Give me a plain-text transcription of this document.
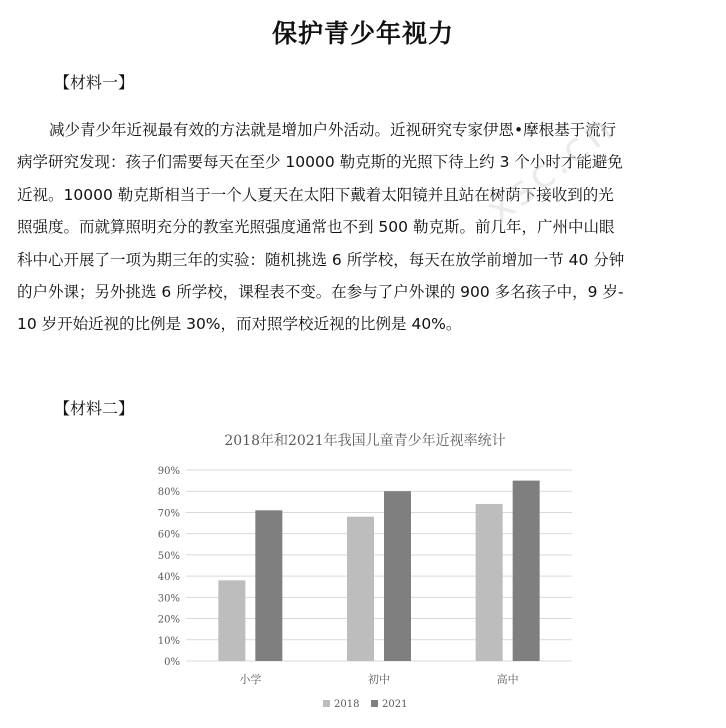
保护青少年视力
【材料一】
减少青少年近视最有效的方法就是增加户外活动。近视研究专家伊恩•摩根基于流行
病学研究发现：孩子们需要每天在至少 10000 勒克斯的光照下待上约 3 个小时才能避免
近视。10000 勒克斯相当于一个人夏天在太阳下戴着太阳镜并且站在树荫下接收到的光
照强度。而就算照明充分的教室光照强度通常也不到 500 勒克斯。前几年，广州中山眼
科中心开展了一项为期三年的实验：随机挑选 6 所学校，每天在放学前增加一节 40 分钟
的户外课；另外挑选 6 所学校，课程表不变。在参与了户外课的 900 多名孩子中，9 岁-
10 岁开始近视的比例是 30%，而对照学校近视的比例是 40%。
xsc.cn
【材料二】
2018年和2021年我国儿童青少年近视率统计
0%
10%
20%
30%
40%
50%
60%
70%
80%
90%
小学	初中	高中
2018 2021
